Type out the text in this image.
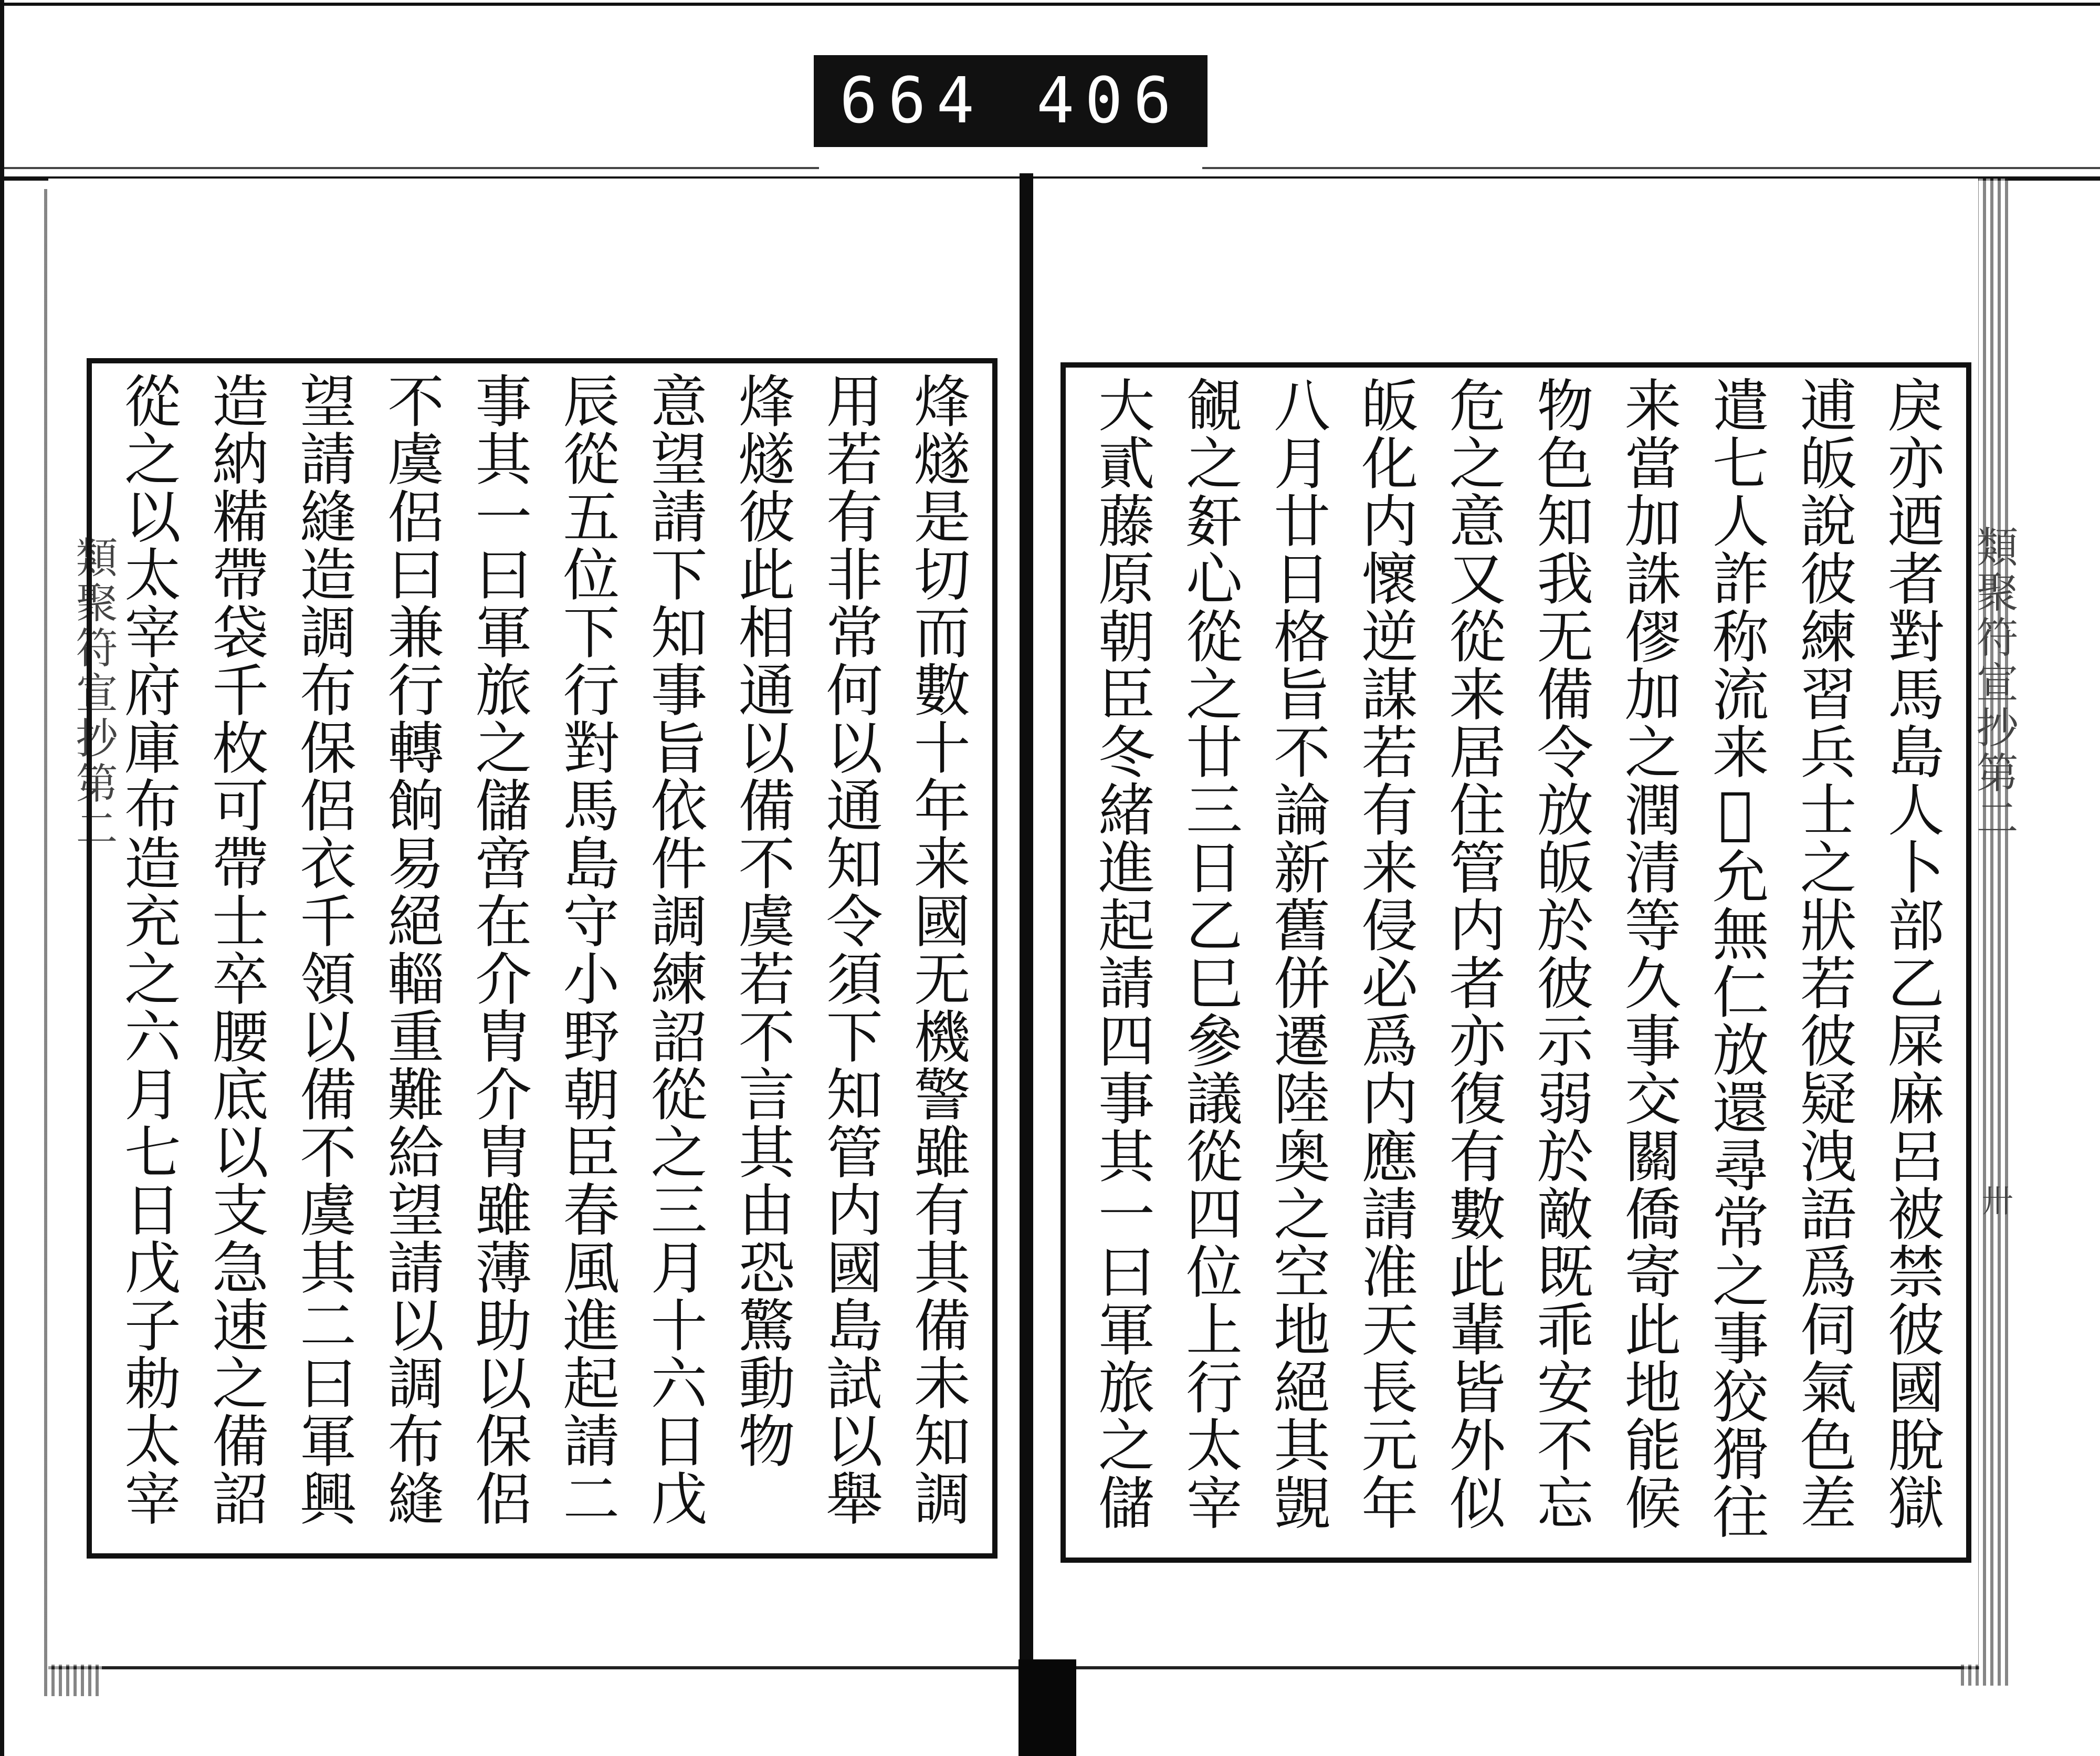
664 406
類聚符宣抄第二	類聚符宣抄第二
卅
戾亦迺者對馬島人卜部乙屎麻呂被禁彼國脫獄
逋皈說彼練習兵士之狀若彼疑洩語爲伺氣色差
遣七人詐称流来𫅒允無仁放還尋常之事狡猾往
来當加誅僇加之潤清等久事交關僑寄此地能候
物色知我无備令放皈於彼示弱於敵既乖安不忘
危之意又從来居住管内者亦復有數此輩皆外似
皈化内懷逆謀若有来侵必爲内應請准天長元年
八月廿日格旨不論新舊併遷陸奥之空地絕其覬
覦之姧心從之廿三日乙巳參議從四位上行太宰
大貳藤原朝臣冬緒進起請四事其一曰軍旅之儲
烽燧是切而數十年来國无機警雖有其備未知調
用若有非常何以通知令須下知管内國島試以舉
烽燧彼此相通以備不虞若不言其由恐驚動物
意望請下知事旨依件調練詔從之三月十六日戊
辰從五位下行對馬島守小野朝臣春風進起請二
事其一曰軍旅之儲啻在介胄介胄雖薄助以保侶
不虞侶曰兼行轉餉易絕輜重難給望請以調布縫
望請縫造調布保侶衣千領以備不虞其二曰軍興
造納糒帶袋千枚可帶士卒腰底以支急速之備詔
從之以太宰府庫布造充之六月七日戊子勅太宰
